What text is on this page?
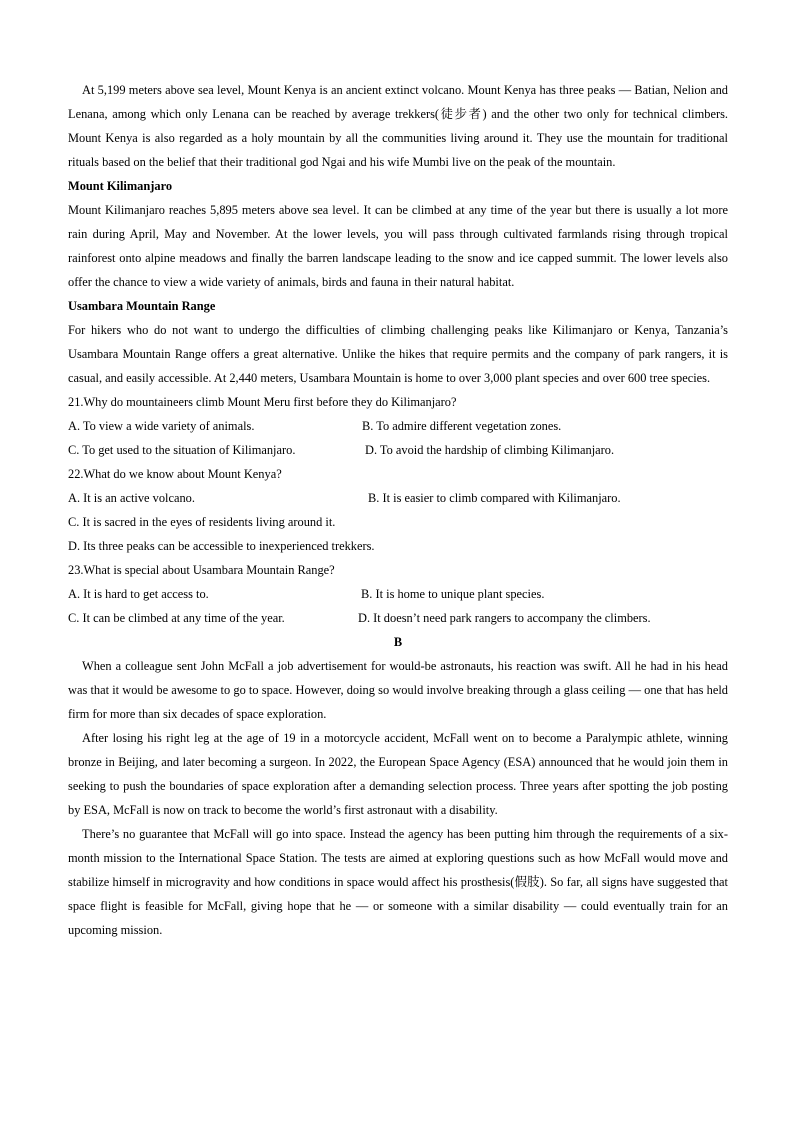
At 5,199 meters above sea level, Mount Kenya is an ancient extinct volcano. Mount Kenya has three peaks — Batian, Nelion and Lenana, among which only Lenana can be reached by average trekkers(徒步者) and the other two only for technical climbers. Mount Kenya is also regarded as a holy mountain by all the communities living around it. They use the mountain for traditional rituals based on the belief that their traditional god Ngai and his wife Mumbi live on the peak of the mountain.

Mount Kilimanjaro

Mount Kilimanjaro reaches 5,895 meters above sea level. It can be climbed at any time of the year but there is usually a lot more rain during April, May and November. At the lower levels, you will pass through cultivated farmlands rising through tropical rainforest onto alpine meadows and finally the barren landscape leading to the snow and ice capped summit. The lower levels also offer the chance to view a wide variety of animals, birds and fauna in their natural habitat.

Usambara Mountain Range

For hikers who do not want to undergo the difficulties of climbing challenging peaks like Kilimanjaro or Kenya, Tanzania’s Usambara Mountain Range offers a great alternative. Unlike the hikes that require permits and the company of park rangers, it is casual, and easily accessible. At 2,440 meters, Usambara Mountain is home to over 3,000 plant species and over 600 tree species.

21.Why do mountaineers climb Mount Meru first before they do Kilimanjaro?

A. To view a wide variety of animals.	B. To admire different vegetation zones.
C. To get used to the situation of Kilimanjaro.	D. To avoid the hardship of climbing Kilimanjaro.

22.What do we know about Mount Kenya?

A. It is an active volcano.	B. It is easier to climb compared with Kilimanjaro.

C. It is sacred in the eyes of residents living around it.

D. Its three peaks can be accessible to inexperienced trekkers.

23.What is special about Usambara Mountain Range?

A. It is hard to get access to.	B. It is home to unique plant species.
C. It can be climbed at any time of the year.	D. It doesn’t need park rangers to accompany the climbers.

B

When a colleague sent John McFall a job advertisement for would-be astronauts, his reaction was swift. All he had in his head was that it would be awesome to go to space. However, doing so would involve breaking through a glass ceiling — one that has held firm for more than six decades of space exploration.

After losing his right leg at the age of 19 in a motorcycle accident, McFall went on to become a Paralympic athlete, winning bronze in Beijing, and later becoming a surgeon. In 2022, the European Space Agency (ESA) announced that he would join them in seeking to push the boundaries of space exploration after a demanding selection process. Three years after spotting the job posting by ESA, McFall is now on track to become the world’s first astronaut with a disability.

There’s no guarantee that McFall will go into space. Instead the agency has been putting him through the requirements of a six-month mission to the International Space Station. The tests are aimed at exploring questions such as how McFall would move and stabilize himself in microgravity and how conditions in space would affect his prosthesis(假肢). So far, all signs have suggested that space flight is feasible for McFall, giving hope that he — or someone with a similar disability — could eventually train for an upcoming mission.
